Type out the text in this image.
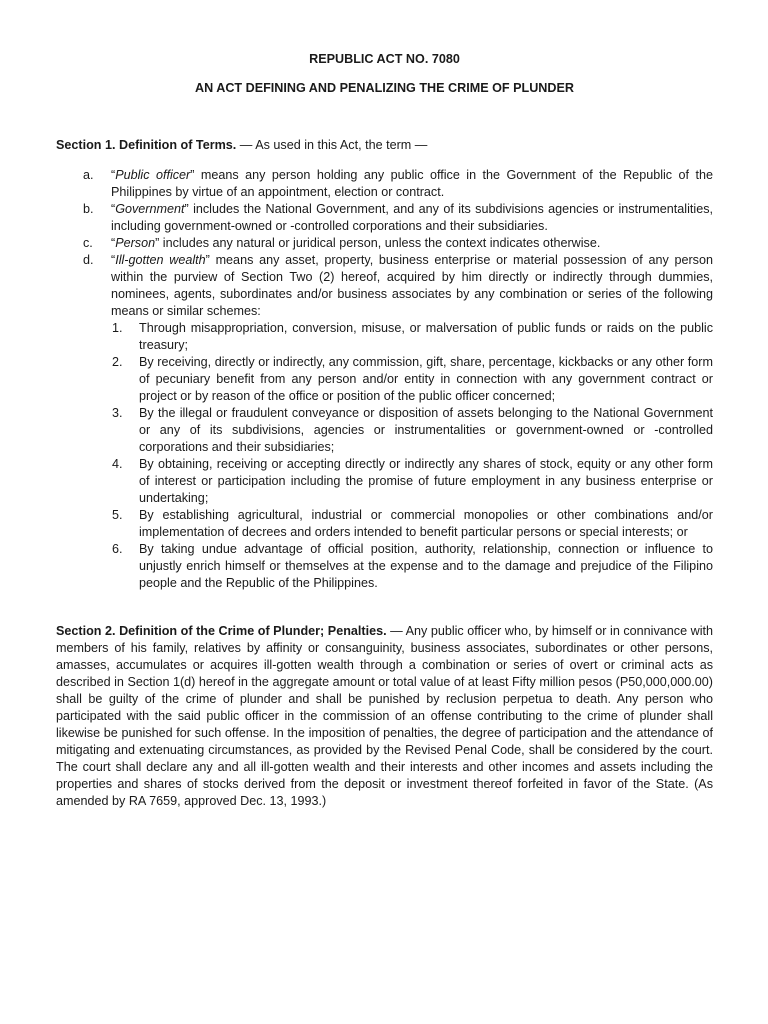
REPUBLIC ACT NO. 7080

AN ACT DEFINING AND PENALIZING THE CRIME OF PLUNDER

Section 1. Definition of Terms. — As used in this Act, the term —
a.	“Public officer” means any person holding any public office in the Government of the Republic of the Philippines by virtue of an appointment, election or contract.
b.	“Government” includes the National Government, and any of its subdivisions agencies or instrumentalities, including government-owned or -controlled corporations and their subsidiaries.
c.	“Person” includes any natural or juridical person, unless the context indicates otherwise.
d.	“Ill-gotten wealth” means any asset, property, business enterprise or material possession of any person within the purview of Section Two (2) hereof, acquired by him directly or indirectly through dummies, nominees, agents, subordinates and/or business associates by any combination or series of the following means or similar schemes:

1.	Through misappropriation, conversion, misuse, or malversation of public funds or raids on the public treasury;
2.	By receiving, directly or indirectly, any commission, gift, share, percentage, kickbacks or any other form of pecuniary benefit from any person and/or entity in connection with any government contract or project or by reason of the office or position of the public officer concerned;
3.	By the illegal or fraudulent conveyance or disposition of assets belonging to the National Government or any of its subdivisions, agencies or instrumentalities or government-owned or -controlled corporations and their subsidiaries;
4.	By obtaining, receiving or accepting directly or indirectly any shares of stock, equity or any other form of interest or participation including the promise of future employment in any business enterprise or undertaking;
5.	By establishing agricultural, industrial or commercial monopolies or other combinations and/or implementation of decrees and orders intended to benefit particular persons or special interests; or
6.	By taking undue advantage of official position, authority, relationship, connection or influence to unjustly enrich himself or themselves at the expense and to the damage and prejudice of the Filipino people and the Republic of the Philippines.
Section 2. Definition of the Crime of Plunder; Penalties. — Any public officer who, by himself or in connivance with members of his family, relatives by affinity or consanguinity, business associates, subordinates or other persons, amasses, accumulates or acquires ill-gotten wealth through a combination or series of overt or criminal acts as described in Section 1(d) hereof in the aggregate amount or total value of at least Fifty million pesos (P50,000,000.00) shall be guilty of the crime of plunder and shall be punished by reclusion perpetua to death. Any person who participated with the said public officer in the commission of an offense contributing to the crime of plunder shall likewise be punished for such offense. In the imposition of penalties, the degree of participation and the attendance of mitigating and extenuating circumstances, as provided by the Revised Penal Code, shall be considered by the court. The court shall declare any and all ill-gotten wealth and their interests and other incomes and assets including the properties and shares of stocks derived from the deposit or investment thereof forfeited in favor of the State. (As amended by RA 7659, approved Dec. 13, 1993.)
